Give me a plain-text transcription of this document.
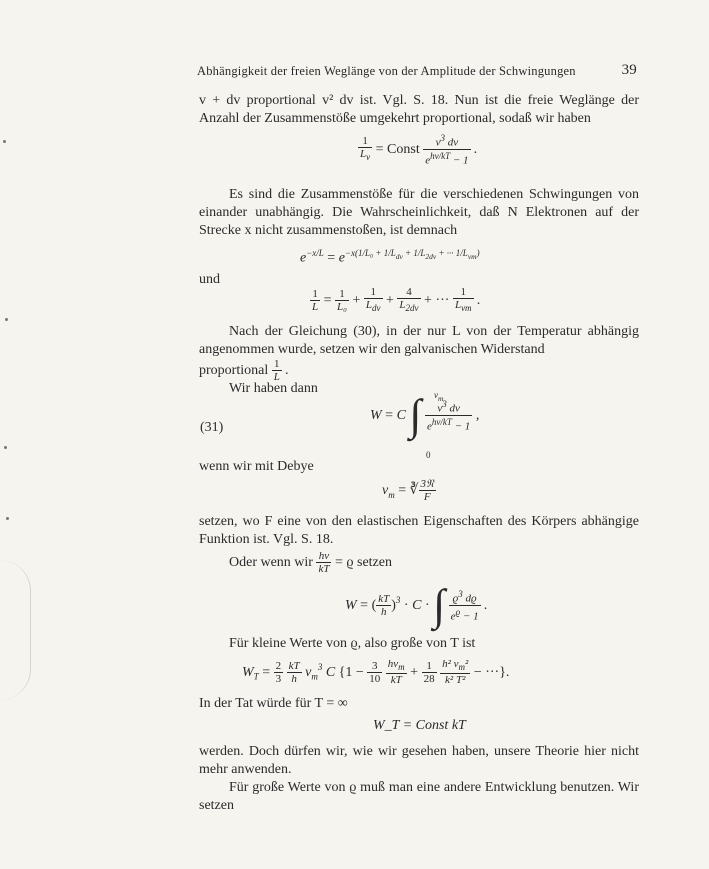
Abhängigkeit der freien Weglänge von der Amplitude der Schwingungen	39
v + dv proportional v² dv ist. Vgl. S. 18. Nun ist die freie Weglänge der Anzahl der Zusammenstöße umgekehrt proportional, sodaß wir haben
$\frac{1}{L_\nu}$ = Const $\frac{\nu^3 d\nu}{e^{h\nu/kT} - 1}$ .
Es sind die Zusammenstöße für die verschiedenen Schwingungen von einander unabhängig. Die Wahrscheinlichkeit, daß N Elektronen auf der Strecke x nicht zusammenstoßen, ist demnach
$e^{-x/L} = e^{-x(1/L_0 + 1/L_{d\nu} + 1/L_{2d\nu} + \cdot\cdot\cdot 1/L_{\nu m})}$
und
$\frac{1}{L} = \frac{1}{\text{L₀}} + \frac{1}{L_{d\nu}} + \frac{4}{L_{2d\nu}}$ + ··· $\frac{1}{L_{\nu m}}$ .
Nach der Gleichung (30), in der nur L von der Temperatur abhängig angenommen wurde, setzen wir den galvanischen Widerstand
proportional $\frac{1}{L}$ .
Wir haben dann
(31)
W = C ∫ $\frac{\nu^3 d\nu}{e^{h\nu/kT} - 1}$ ,
$\nu_m$
0
wenn wir mit Debye
$\nu_m$ = ∛ $\frac{\text{3𝔑}}{F}$
setzen, wo F eine von den elastischen Eigenschaften des Körpers abhängige Funktion ist. Vgl. S. 18.
Oder wenn wir $\frac{h\nu}{kT} = ϱ$ setzen
W = ( $\frac{kT}{h} )^3 \cdot C$ · ∫ $\frac{ϱ^3 dϱ}{e^ϱ - 1}$ .
Für kleine Werte von ϱ, also große von T ist
$W_T = \frac{2}{3}$
$\frac{kT}{h} \nu_m^3$ C {$1 - \frac{3}{10}$
$\frac{h\nu_m}{kT} + \frac{1}{28}$
$\frac{h^2 \nu_m^2}{\text{k² T²}}$ − ···}.
In der Tat würde für T = ∞
W_T = Const kT
werden. Doch dürfen wir, wie wir gesehen haben, unsere Theorie hier nicht mehr anwenden.
Für große Werte von ϱ muß man eine andere Entwicklung benutzen. Wir setzen
